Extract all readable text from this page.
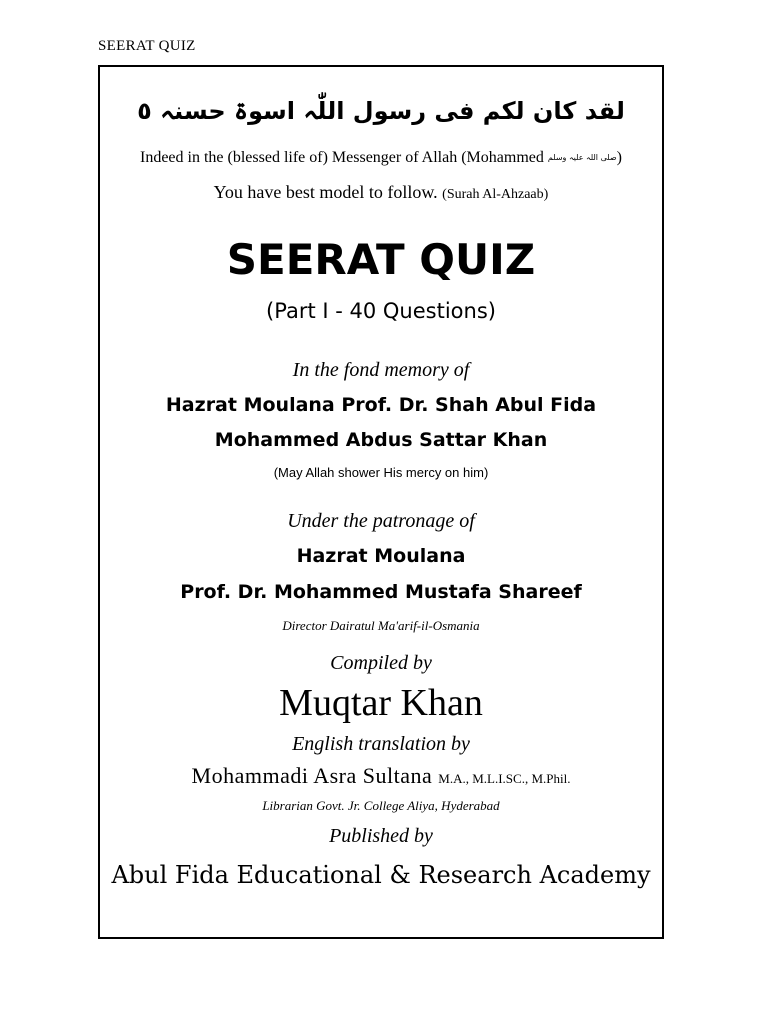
SEERAT QUIZ
لقد كان لكم فی رسول اللّٰہ اسوۃ حسنہ ٥
Indeed in the (blessed life of) Messenger of Allah (Mohammed صلی اللہ علیہ وسلم)
You have best model to follow. (Surah Al-Ahzaab)
SEERAT QUIZ
(Part I - 40 Questions)
In the fond memory of
Hazrat Moulana Prof. Dr. Shah Abul Fida
Mohammed Abdus Sattar Khan
(May Allah shower His mercy on him)
Under the patronage of
Hazrat Moulana
Prof. Dr. Mohammed Mustafa Shareef
Director Dairatul Ma'arif-il-Osmania
Compiled by
Muqtar Khan
English translation by
Mohammadi Asra Sultana M.A., M.L.I.SC., M.Phil.
Librarian Govt. Jr. College Aliya, Hyderabad
Published by
Abul Fida Educational & Research Academy
